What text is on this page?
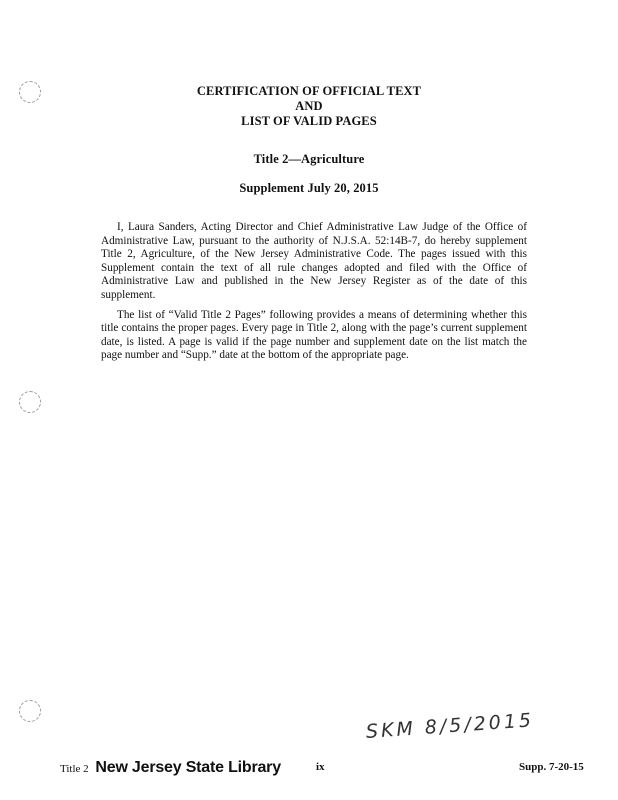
CERTIFICATION OF OFFICIAL TEXT
AND
LIST OF VALID PAGES
Title 2—Agriculture
Supplement July 20, 2015

I, Laura Sanders, Acting Director and Chief Administrative Law Judge of the Office of Administrative Law, pursuant to the authority of N.J.S.A. 52:14B-7, do hereby supplement Title 2, Agriculture, of the New Jersey Administrative Code. The pages issued with this Supplement contain the text of all rule changes adopted and filed with the Office of Administrative Law and published in the New Jersey Register as of the date of this supplement.

The list of “Valid Title 2 Pages” following provides a means of determining whether this title contains the proper pages. Every page in Title 2, along with the page’s current supplement date, is listed. A page is valid if the page number and supplement date on the list match the page number and “Supp.” date at the bottom of the appropriate page.

SKM 8/5/2015
Title 2 New Jersey State Library	ix	Supp. 7-20-15
